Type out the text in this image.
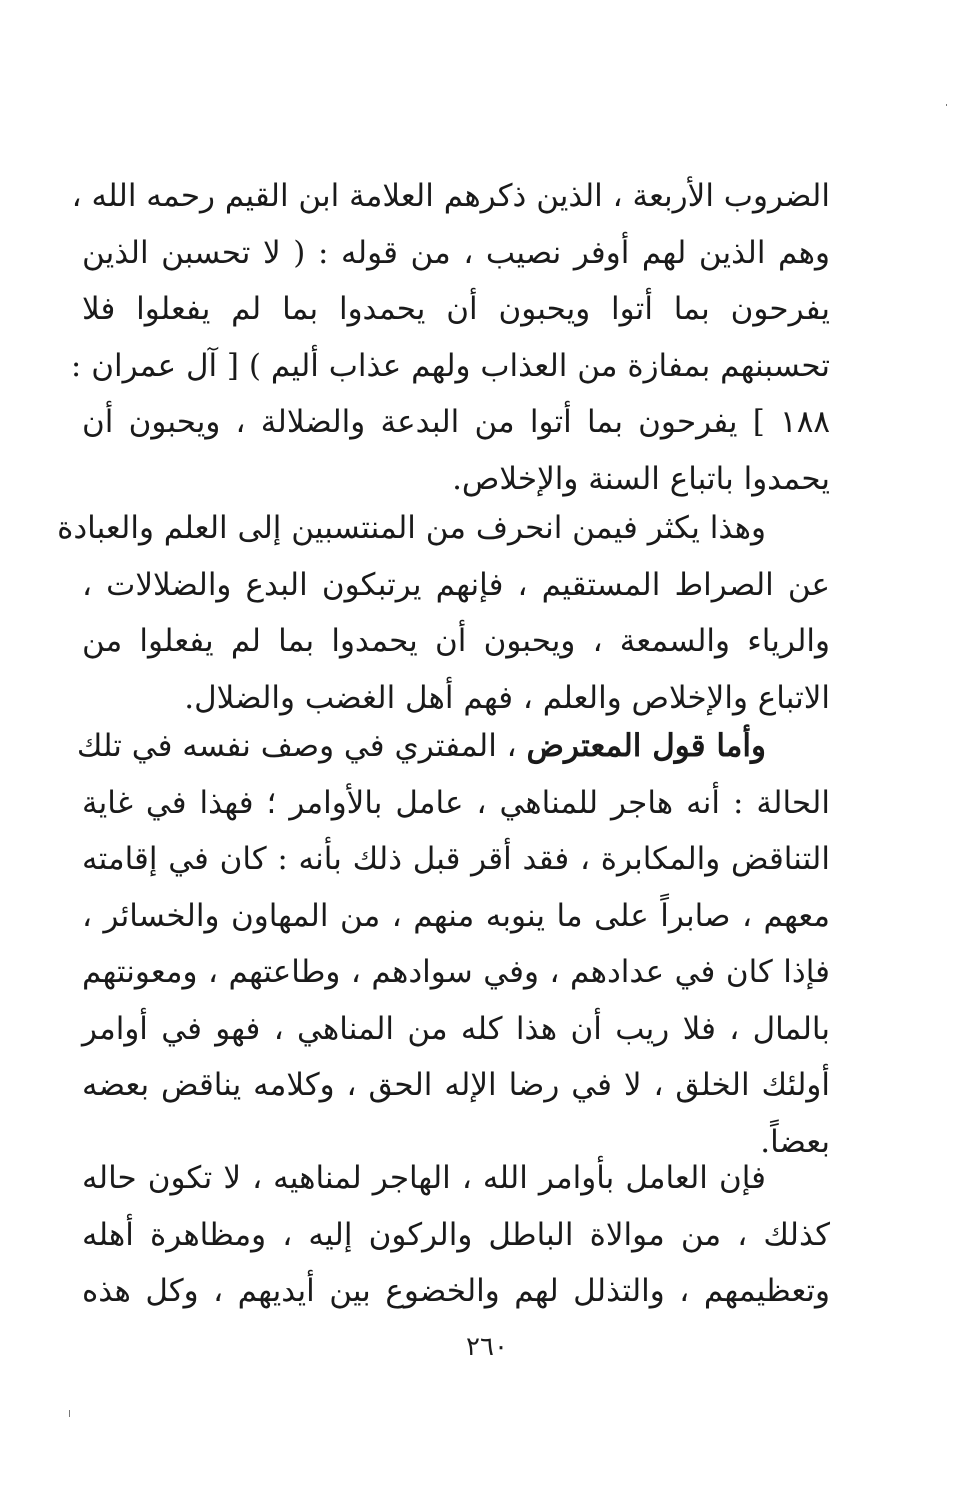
الضروب الأربعة ، الذين ذكرهم العلامة ابن القيم رحمه الله ،
وهم الذين لهم أوفر نصيب ، من قوله : ( لا تحسبن الذين
يفرحون بما أتوا ويحبون أن يحمدوا بما لم يفعلوا فلا
تحسبنهم بمفازة من العذاب ولهم عذاب أليم ) [ آل عمران :
١٨٨ ] يفرحون بما أتوا من البدعة والضلالة ، ويحبون أن
يحمدوا باتباع السنة والإخلاص.
وهذا يكثر فيمن انحرف من المنتسبين إلى العلم والعبادة
عن الصراط المستقيم ، فإنهم يرتبكون البدع والضلالات ،
والرياء والسمعة ، ويحبون أن يحمدوا بما لم يفعلوا من
الاتباع والإخلاص والعلم ، فهم أهل الغضب والضلال.
وأما قول المعترض ، المفتري في وصف نفسه في تلك
الحالة : أنه هاجر للمناهي ، عامل بالأوامر ؛ فهذا في غاية
التناقض والمكابرة ، فقد أقر قبل ذلك بأنه : كان في إقامته
معهم ، صابراً على ما ينوبه منهم ، من المهاون والخسائر ،
فإذا كان في عدادهم ، وفي سوادهم ، وطاعتهم ، ومعونتهم
بالمال ، فلا ريب أن هذا كله من المناهي ، فهو في أوامر
أولئك الخلق ، لا في رضا الإله الحق ، وكلامه يناقض بعضه
بعضاً.
فإن العامل بأوامر الله ، الهاجر لمناهيه ، لا تكون حاله
كذلك ، من موالاة الباطل والركون إليه ، ومظاهرة أهله
وتعظيمهم ، والتذلل لهم والخضوع بين أيديهم ، وكل هذه
٢٦٠
